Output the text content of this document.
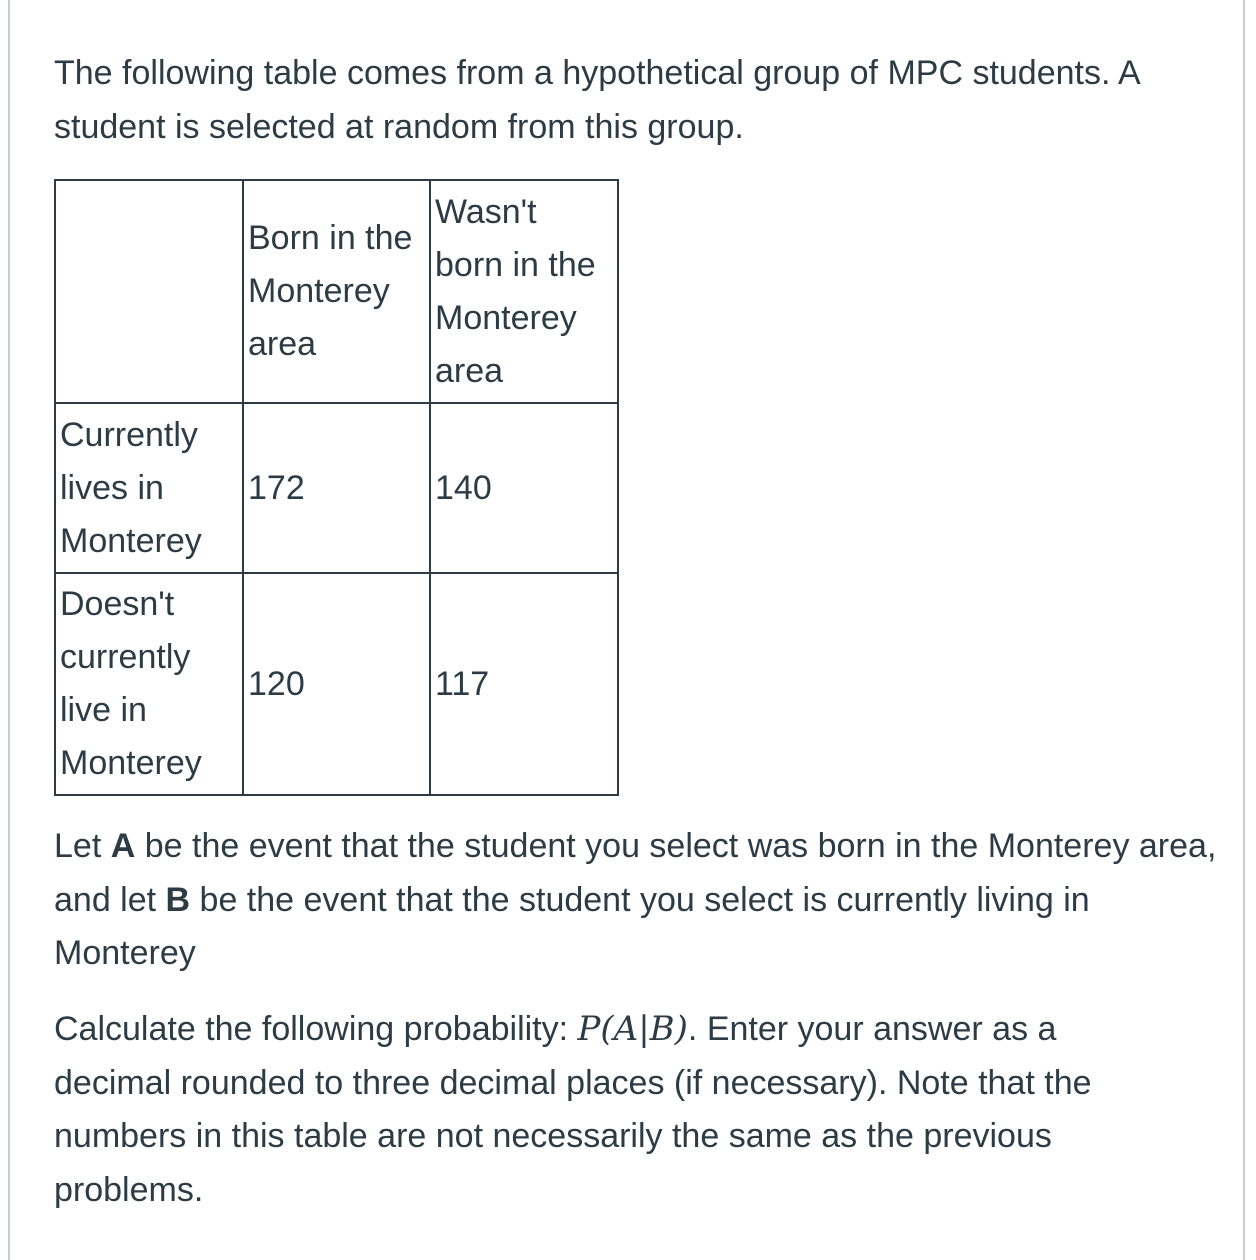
The following table comes from a hypothetical group of MPC students. A student is selected at random from this group.

	Born in the Monterey area	Wasn't born in the Monterey area
Currently lives in Monterey	172	140
Doesn't currently live in Monterey	120	117

Let A be the event that the student you select was born in the Monterey area, and let B be the event that the student you select is currently living in Monterey

Calculate the following probability: P(A|B). Enter your answer as a decimal rounded to three decimal places (if necessary). Note that the numbers in this table are not necessarily the same as the previous problems.
